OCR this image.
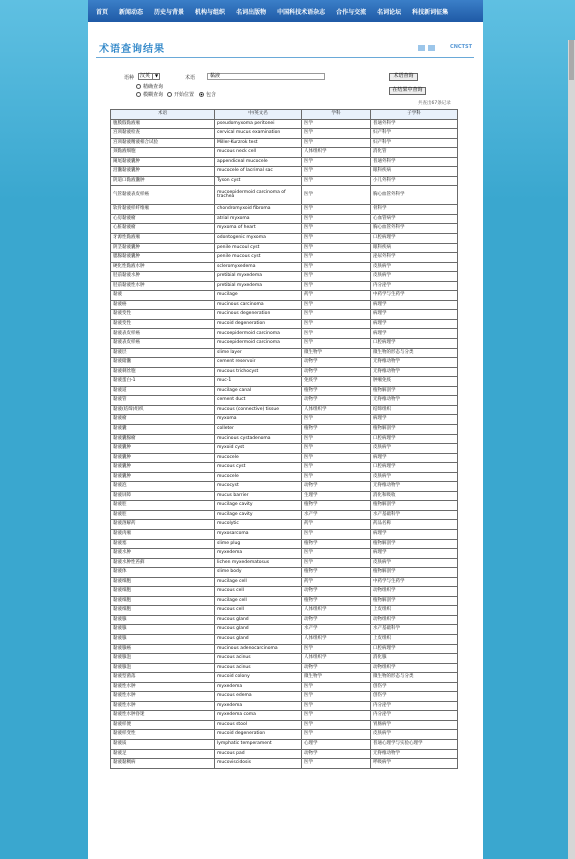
首页 新闻动态 历史与背景 机构与组织 名词出版物 中国科技术语杂志 合作与交流 名词论坛 科技新词征集
术语查询结果	CNCTST
语种	汉英	▼	术语	黏液	术语查询
在结果中查询
精确查询
模糊查询	开始位置	包含
共查出67条记录
术语	中/英文名	学科	子学科
腹膜假黏液瘤	pseudomyxoma peritonei	医学	普通外科学
宫颈黏液检查	cervical mucus examination	医学	妇产科学
宫颈黏液精液相合试验	Miller-Kurzrok test	医学	妇产科学
颈黏液细胞	mucous neck cell	人体组织学	消化管
阑尾黏液囊肿	appendiceal mucocele	医学	普通外科学
泪囊黏液囊肿	mucocele of lacrimal sac	医学	眼科疾病
阴道口黏液囊肿	Tyson cyst	医学	小儿外科学
气管黏液表皮样癌	mucoepidermoid carcinoma of trachea	医学	胸心血管外科学
软骨黏液样纤维瘤	chondromyxoid fibroma	医学	骨科学
心房黏液瘤	atrial myxoma	医学	心血管病学
心脏黏液瘤	myxoma of heart	医学	胸心血管外科学
牙源性黏液瘤	odontogenic myxoma	医学	口腔病理学
阴茎黏液囊肿	penile mucoul cyst	医学	眼科疾病
腮腺黏液囊肿	penile mucous cyst	医学	泌尿外科学
硬化性黏液水肿	scleromyxedema	医学	皮肤病学
胫前黏液水肿	pretibial myxedema	医学	皮肤病学
胫前黏液性水肿	pretibial myxedema	医学	内分泌学
黏液	mucilage	药学	中药学与生药学
黏液癌	mucinous carcinoma	医学	病理学
黏液变性	mucinous degeneration	医学	病理学
黏液变性	mucoid degeneration	医学	病理学
黏液表皮样癌	mucoepidermoid carcinoma	医学	病理学
黏液表皮样癌	mucoepidermoid carcinoma	医学	口腔病理学
黏液层	slime layer	微生物学	微生物的形态与分类
黏液储囊	cement reservoir	动物学	无脊椎动物学
黏液刺丝胞	mucous trichocyst	动物学	无脊椎动物学
黏液蛋白-1	muc-1	免疫学	肿瘤免疫
黏液道	mucilage canal	植物学	植物解剖学
黏液管	cement duct	动物学	无脊椎动物学
黏液(结缔)组织	mucous (connective) tissue	人体组织学	结缔组织
黏液瘤	myxoma	医学	病理学
黏液囊	colleter	植物学	植物解剖学
黏液囊腺瘤	mucinous cystadenoma	医学	口腔病理学
黏液囊肿	myxoid cyst	医学	皮肤病学
黏液囊肿	mucocele	医学	病理学
黏液囊肿	mucous cyst	医学	口腔病理学
黏液囊肿	mucocele	医学	皮肤病学
黏液泡	mucocyst	动物学	无脊椎动物学
黏液屏障	mucus barrier	生理学	消化和吸收
黏液腔	mucilage cavity	植物学	植物解剖学
黏液腔	mucilage cavity	水产学	水产基础科学
黏液溶解药	mucolytic	药学	药品名称
黏液肉瘤	myxosarcoma	医学	病理学
黏液塞	slime plug	植物学	植物解剖学
黏液水肿	myxedema	医学	病理学
黏液水肿性苔藓	lichen myxedematosus	医学	皮肤病学
黏液体	slime body	植物学	植物解剖学
黏液细胞	mucilage cell	药学	中药学与生药学
黏液细胞	mucous cell	动物学	动物组织学
黏液细胞	mucilage cell	植物学	植物解剖学
黏液细胞	mucous cell	人体组织学	上皮组织
黏液腺	mucous gland	动物学	动物组织学
黏液腺	mucous gland	水产学	水产基础科学
黏液腺	mucous gland	人体组织学	上皮组织
黏液腺癌	mucinous adenocarcinoma	医学	口腔病理学
黏液腺泡	mucous acinus	人体组织学	消化腺
黏液腺泡	mucous acinus	动物学	动物组织学
黏液型菌落	mucoid colony	微生物学	微生物的形态与分类
黏液性水肿	myxedema	医学	创伤学
黏液性水肿	mucous edema	医学	创伤学
黏液性水肿	myxedema	医学	内分泌学
黏液性水肿昏迷	myxedema coma	医学	内分泌学
黏液样便	mucous stool	医学	胃肠病学
黏液样变性	mucoid degeneration	医学	皮肤病学
黏液质	lymphatic temperament	心理学	普通心理学与实验心理学
黏液足	mucous pad	动物学	无脊椎动物学
黏液黏稠病	mucoviscidosis	医学	呼吸病学
